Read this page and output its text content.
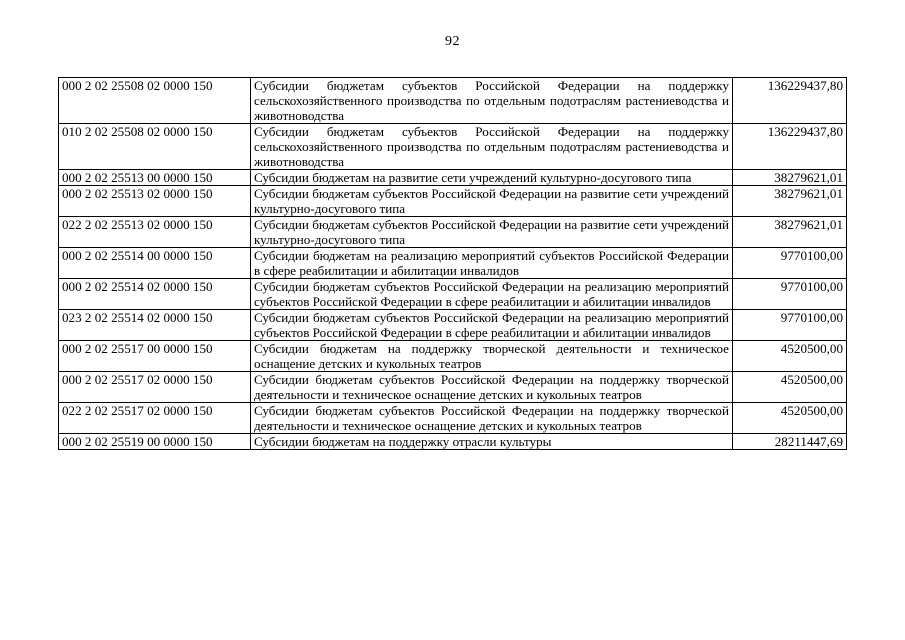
92
000 2 02 25508 02 0000 150	Субсидии бюджетам субъектов Российской Федерации на поддержку сельскохозяйственного производства по отдельным подотраслям растениеводства и животноводства	136229437,80
010 2 02 25508 02 0000 150	Субсидии бюджетам субъектов Российской Федерации на поддержку сельскохозяйственного производства по отдельным подотраслям растениеводства и животноводства	136229437,80
000 2 02 25513 00 0000 150	Субсидии бюджетам на развитие сети учреждений культурно-досугового типа	38279621,01
000 2 02 25513 02 0000 150	Субсидии бюджетам субъектов Российской Федерации на развитие сети учреждений культурно-досугового типа	38279621,01
022 2 02 25513 02 0000 150	Субсидии бюджетам субъектов Российской Федерации на развитие сети учреждений культурно-досугового типа	38279621,01
000 2 02 25514 00 0000 150	Субсидии бюджетам на реализацию мероприятий субъектов Российской Федерации в сфере реабилитации и абилитации инвалидов	9770100,00
000 2 02 25514 02 0000 150	Субсидии бюджетам субъектов Российской Федерации на реализацию мероприятий субъектов Российской Федерации в сфере реабилитации и абилитации инвалидов	9770100,00
023 2 02 25514 02 0000 150	Субсидии бюджетам субъектов Российской Федерации на реализацию мероприятий субъектов Российской Федерации в сфере реабилитации и абилитации инвалидов	9770100,00
000 2 02 25517 00 0000 150	Субсидии бюджетам на поддержку творческой деятельности и техническое оснащение детских и кукольных театров	4520500,00
000 2 02 25517 02 0000 150	Субсидии бюджетам субъектов Российской Федерации на поддержку творческой деятельности и техническое оснащение детских и кукольных театров	4520500,00
022 2 02 25517 02 0000 150	Субсидии бюджетам субъектов Российской Федерации на поддержку творческой деятельности и техническое оснащение детских и кукольных театров	4520500,00
000 2 02 25519 00 0000 150	Субсидии бюджетам на поддержку отрасли культуры	28211447,69
